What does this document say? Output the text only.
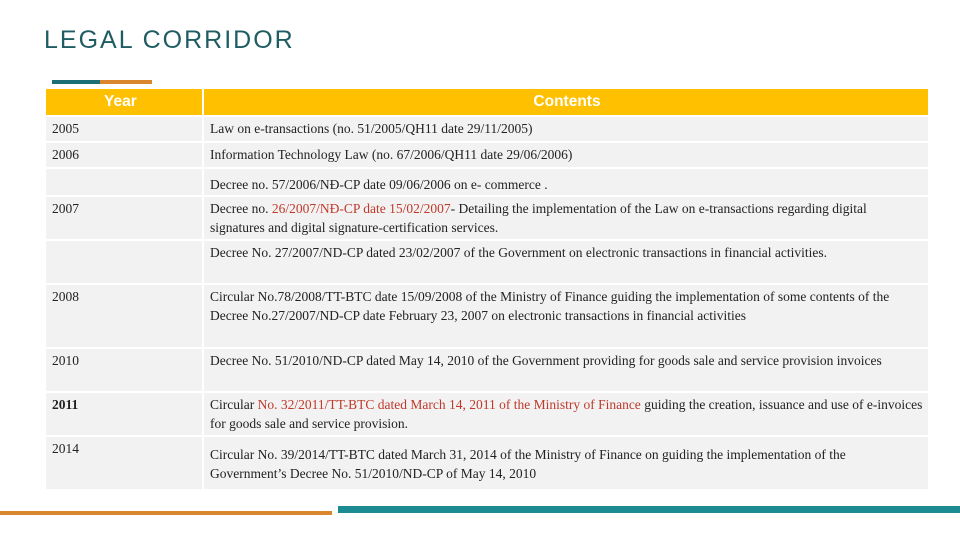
LEGAL CORRIDOR
Year	Contents
2005	Law on e-transactions (no. 51/2005/QH11 date 29/11/2005)
2006	Information Technology Law (no. 67/2006/QH11 date 29/06/2006)
	Decree no. 57/2006/NĐ-CP date 09/06/2006 on e- commerce .
2007	Decree no. 26/2007/NĐ-CP date 15/02/2007- Detailing the implementation of the Law on e-transactions regarding digital signatures and digital signature-certification services.
	Decree No. 27/2007/ND-CP dated 23/02/2007 of the Government on electronic transactions in financial activities.
2008	Circular No.78/2008/TT-BTC date 15/09/2008 of the Ministry of Finance guiding the implementation of some contents of the Decree No.27/2007/ND-CP date February 23, 2007 on electronic transactions in financial activities
2010	Decree No. 51/2010/ND-CP dated May 14, 2010 of the Government providing for goods sale and service provision invoices
2011	Circular No. 32/2011/TT-BTC dated March 14, 2011 of the Ministry of Finance guiding the creation, issuance and use of e-invoices for goods sale and service provision.
2014	Circular No. 39/2014/TT-BTC dated March 31, 2014 of the Ministry of Finance on guiding the implementation of the Government’s Decree No. 51/2010/ND-CP of May 14, 2010
